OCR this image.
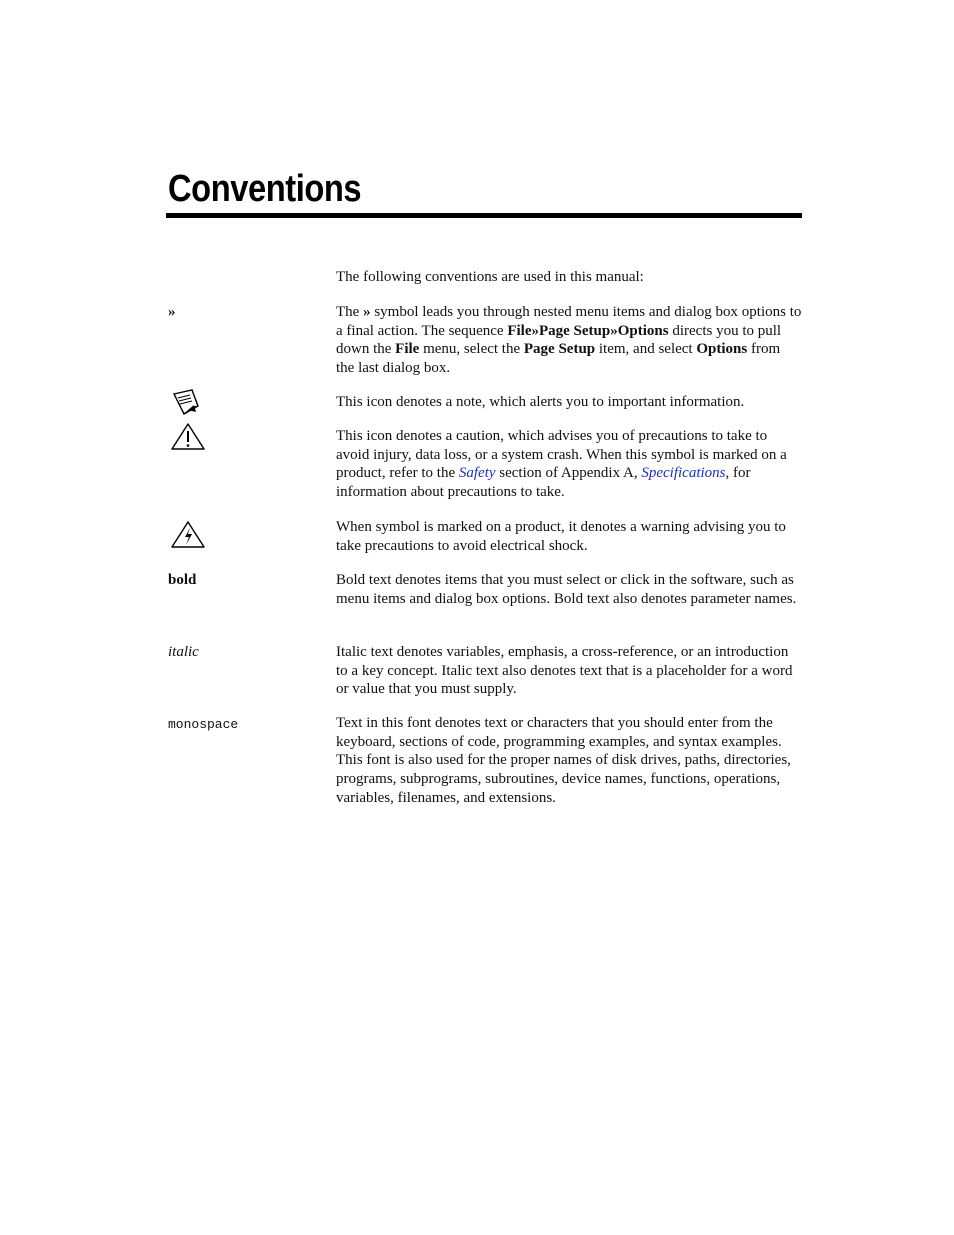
Conventions
The following conventions are used in this manual:
»	The » symbol leads you through nested menu items and dialog box options to a final action. The sequence File»Page Setup»Options directs you to pull down the File menu, select the Page Setup item, and select Options from the last dialog box.
This icon denotes a note, which alerts you to important information.
This icon denotes a caution, which advises you of precautions to take to avoid injury, data loss, or a system crash. When this symbol is marked on a product, refer to the Safety section of Appendix A, Specifications, for information about precautions to take.
When symbol is marked on a product, it denotes a warning advising you to take precautions to avoid electrical shock.
bold	Bold text denotes items that you must select or click in the software, such as menu items and dialog box options. Bold text also denotes parameter names.
italic	Italic text denotes variables, emphasis, a cross-reference, or an introduction to a key concept. Italic text also denotes text that is a placeholder for a word or value that you must supply.
monospace	Text in this font denotes text or characters that you should enter from the keyboard, sections of code, programming examples, and syntax examples. This font is also used for the proper names of disk drives, paths, directories, programs, subprograms, subroutines, device names, functions, operations, variables, filenames, and extensions.
